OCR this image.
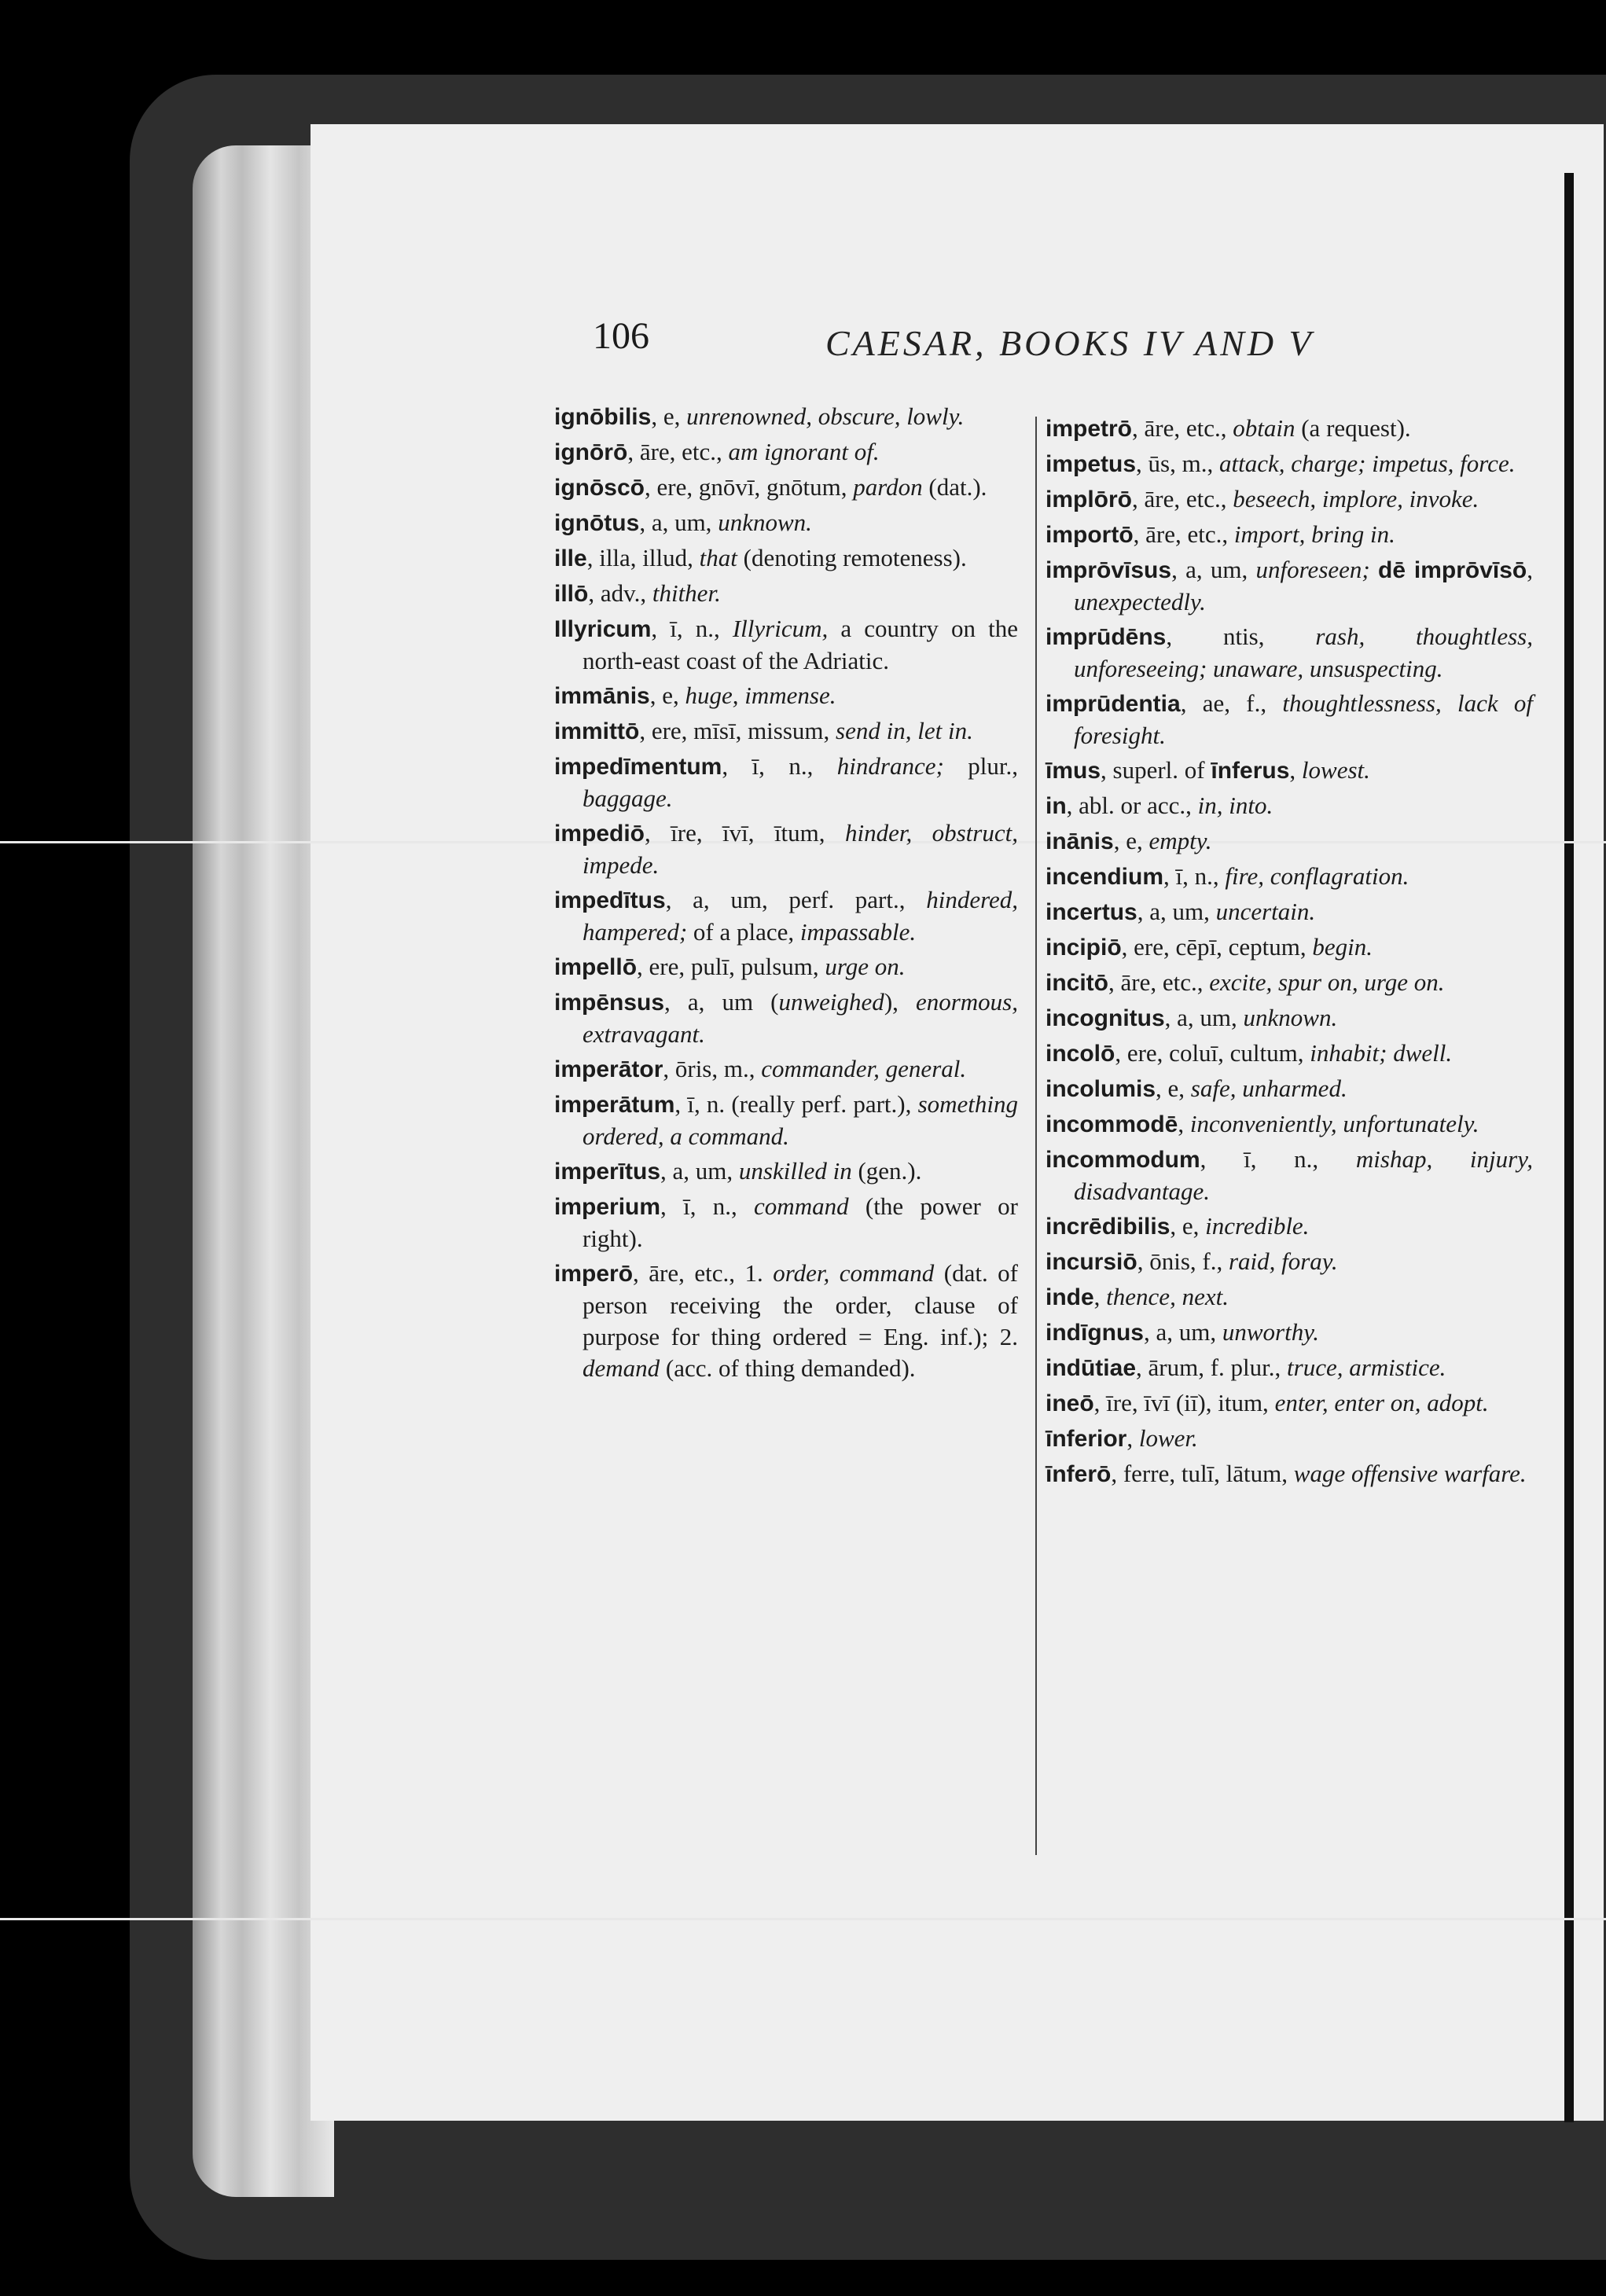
106	CAESAR, BOOKS IV AND V
ignōbilis, e, unrenowned, obscure, lowly.
ignōrō, āre, etc., am ignorant of.
ignōscō, ere, gnōvī, gnōtum, pardon (dat.).
ignōtus, a, um, unknown.
ille, illa, illud, that (denoting remoteness).
illō, adv., thither.
Illyricum, ī, n., Illyricum, a country on the north-east coast of the Adriatic.
immānis, e, huge, immense.
immittō, ere, mīsī, missum, send in, let in.
impedīmentum, ī, n., hindrance; plur., baggage.
impediō, īre, īvī, ītum, hinder, obstruct, impede.
impedītus, a, um, perf. part., hindered, hampered; of a place, impassable.
impellō, ere, pulī, pulsum, urge on.
impēnsus, a, um (unweighed), enormous, extravagant.
imperātor, ōris, m., commander, general.
imperātum, ī, n. (really perf. part.), something ordered, a command.
imperītus, a, um, unskilled in (gen.).
imperium, ī, n., command (the power or right).
imperō, āre, etc., 1. order, command (dat. of person receiving the order, clause of purpose for thing ordered = Eng. inf.); 2. demand (acc. of thing demanded).
impetrō, āre, etc., obtain (a request).
impetus, ūs, m., attack, charge; impetus, force.
implōrō, āre, etc., beseech, implore, invoke.
importō, āre, etc., import, bring in.
imprōvīsus, a, um, unforeseen; dē imprōvīsō, unexpectedly.
imprūdēns, ntis, rash, thoughtless, unforeseeing; unaware, unsuspecting.
imprūdentia, ae, f., thoughtlessness, lack of foresight.
īmus, superl. of īnferus, lowest.
in, abl. or acc., in, into.
inānis, e, empty.
incendium, ī, n., fire, conflagration.
incertus, a, um, uncertain.
incipiō, ere, cēpī, ceptum, begin.
incitō, āre, etc., excite, spur on, urge on.
incognitus, a, um, unknown.
incolō, ere, coluī, cultum, inhabit; dwell.
incolumis, e, safe, unharmed.
incommodē, inconveniently, unfortunately.
incommodum, ī, n., mishap, injury, disadvantage.
incrēdibilis, e, incredible.
incursiō, ōnis, f., raid, foray.
inde, thence, next.
indīgnus, a, um, unworthy.
indūtiae, ārum, f. plur., truce, armistice.
ineō, īre, īvī (iī), itum, enter, enter on, adopt.
īnferior, lower.
īnferō, ferre, tulī, lātum, wage offensive warfare.
